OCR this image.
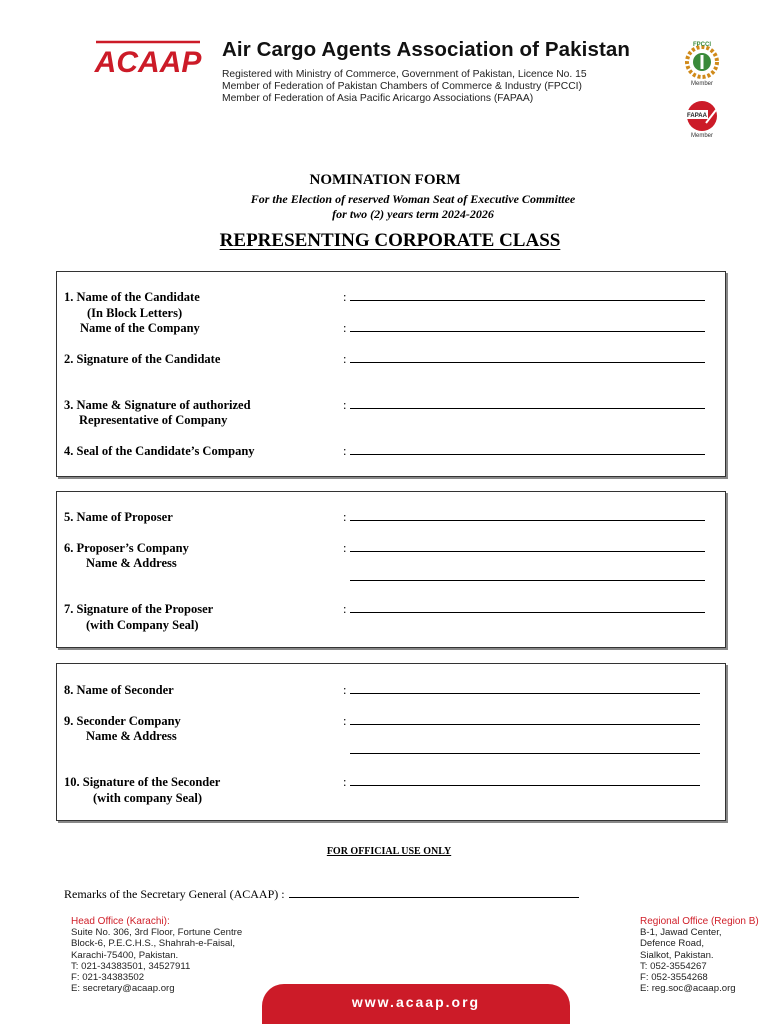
ACAAP Air Cargo Agents Association of Pakistan
Registered with Ministry of Commerce, Government of Pakistan, Licence No. 15
Member of Federation of Pakistan Chambers of Commerce & Industry (FPCCI)
Member of Federation of Asia Pacific Aricargo Associations (FAPAA)
FPCCI
Member
FAPAA
Member
NOMINATION FORM
For the Election of reserved Woman Seat of Executive Committee
for two (2) years term 2024-2026
REPRESENTING CORPORATE CLASS
1. Name of the Candidate
(In Block Letters)
Name of the Company
2. Signature of the Candidate
3. Name & Signature of authorized
Representative of Company
4. Seal of the Candidate’s Company
:
:
:
:
:
5. Name of Proposer
6. Proposer’s Company
Name & Address
7. Signature of the Proposer
(with Company Seal)
:
:
:
8. Name of Seconder
9. Seconder Company
Name & Address
10. Signature of the Seconder
(with company Seal)
:
:
:
FOR OFFICIAL USE ONLY
Remarks of the Secretary General (ACAAP) :
Head Office (Karachi):
Suite No. 306, 3rd Floor, Fortune Centre
Block-6, P.E.C.H.S., Shahrah-e-Faisal,
Karachi-75400, Pakistan.
T: 021-34383501, 34527911
F: 021-34383502
E: secretary@acaap.org
Regional Office (Region B)
B-1, Jawad Center,
Defence Road,
Sialkot, Pakistan.
T: 052-3554267
F: 052-3554268
E: reg.soc@acaap.org
www.acaap.org
